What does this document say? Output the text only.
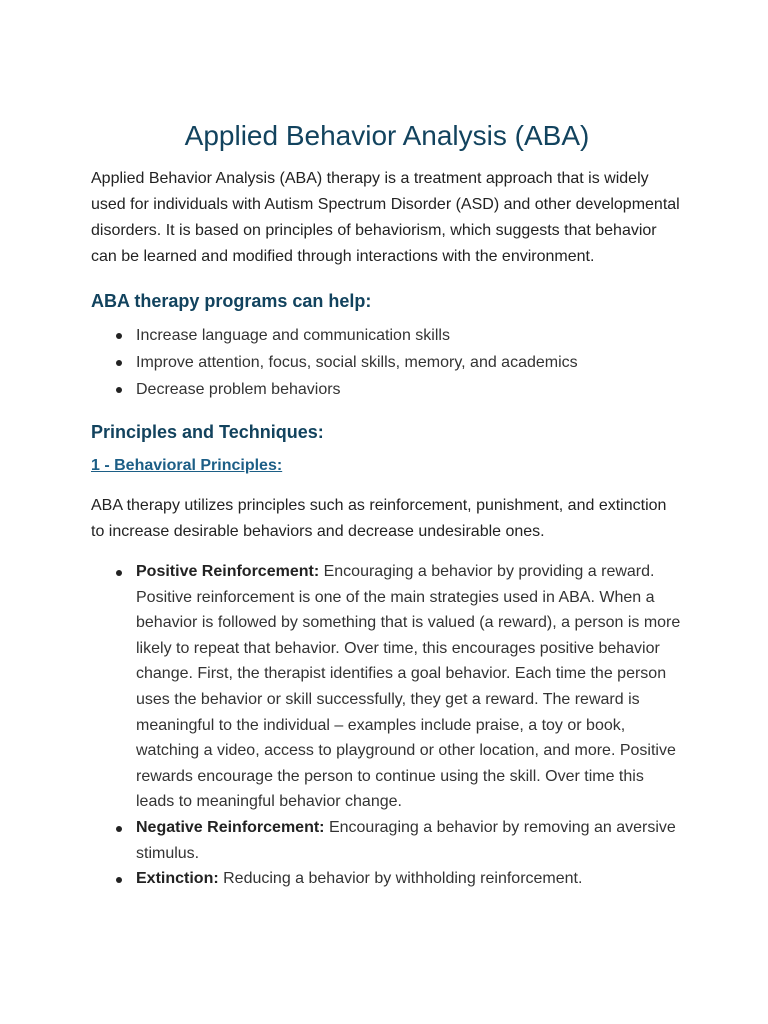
Applied Behavior Analysis (ABA)

Applied Behavior Analysis (ABA) therapy is a treatment approach that is widely used for individuals with Autism Spectrum Disorder (ASD) and other developmental disorders. It is based on principles of behaviorism, which suggests that behavior can be learned and modified through interactions with the environment.

ABA therapy programs can help:
Increase language and communication skills
Improve attention, focus, social skills, memory, and academics
Decrease problem behaviors
Principles and Techniques:
1 - Behavioral Principles:

ABA therapy utilizes principles such as reinforcement, punishment, and extinction to increase desirable behaviors and decrease undesirable ones.

Positive Reinforcement: Encouraging a behavior by providing a reward. Positive reinforcement is one of the main strategies used in ABA. When a behavior is followed by something that is valued (a reward), a person is more likely to repeat that behavior. Over time, this encourages positive behavior change. First, the therapist identifies a goal behavior. Each time the person uses the behavior or skill successfully, they get a reward. The reward is meaningful to the individual – examples include praise, a toy or book, watching a video, access to playground or other location, and more. Positive rewards encourage the person to continue using the skill. Over time this leads to meaningful behavior change.
Negative Reinforcement: Encouraging a behavior by removing an aversive stimulus.
Extinction: Reducing a behavior by withholding reinforcement.
